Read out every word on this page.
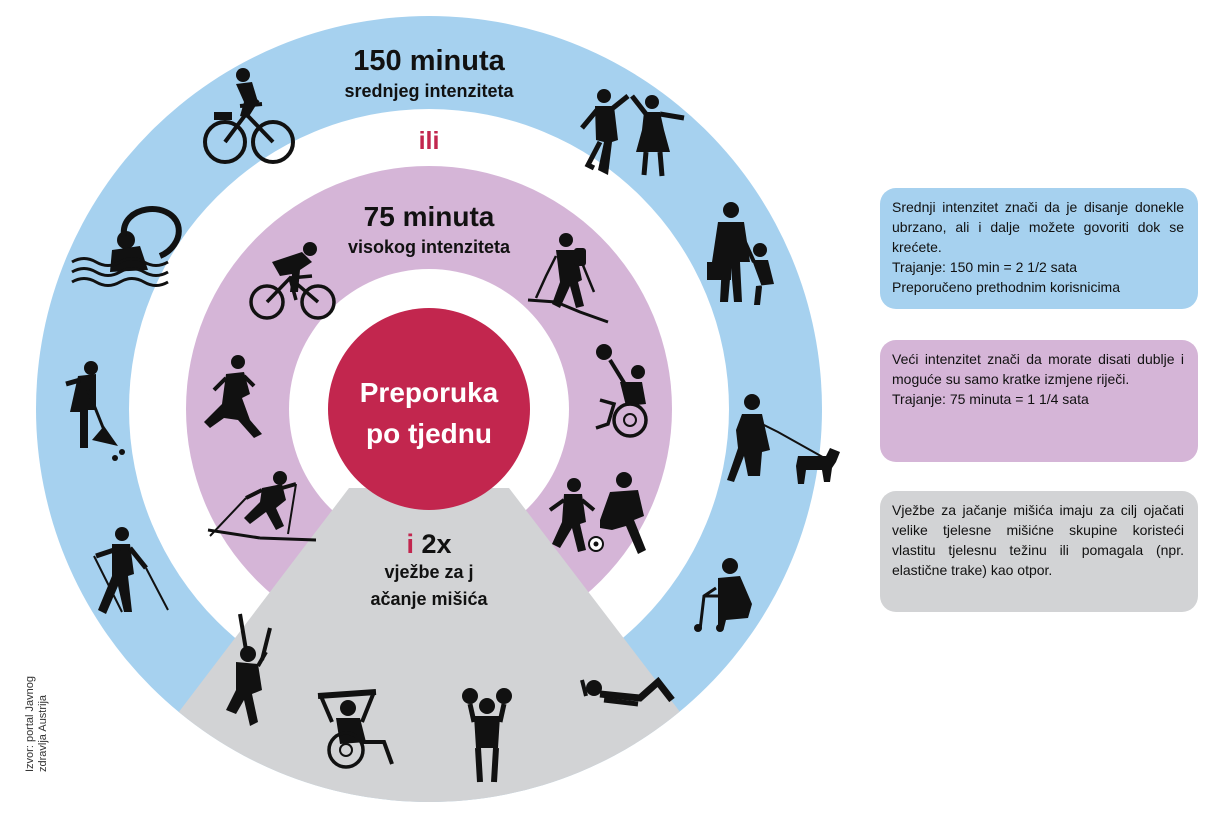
150 minuta
srednjeg intenziteta
ili
75 minuta
visokog intenziteta
Preporuka
po tjednu
i 2x
vježbe za j
ačanje mišića

Srednji intenzitet znači da je disanje donekle ubrzano, ali i dalje možete govoriti dok se krećete.

Trajanje: 150 min = 2 1/2 sata
Preporučeno prethodnim korisnicima

Veći intenzitet znači da morate disati dublje i moguće su samo kratke izmjene riječi.

Trajanje: 75 minuta = 1 1/4 sata

Vježbe za jačanje mišića imaju za cilj ojačati velike tjelesne mišićne skupine koristeći vlastitu tjelesnu težinu ili pomagala (npr. elastične trake) kao otpor.

Izvor: portal Javnog zdravlja Austrija
